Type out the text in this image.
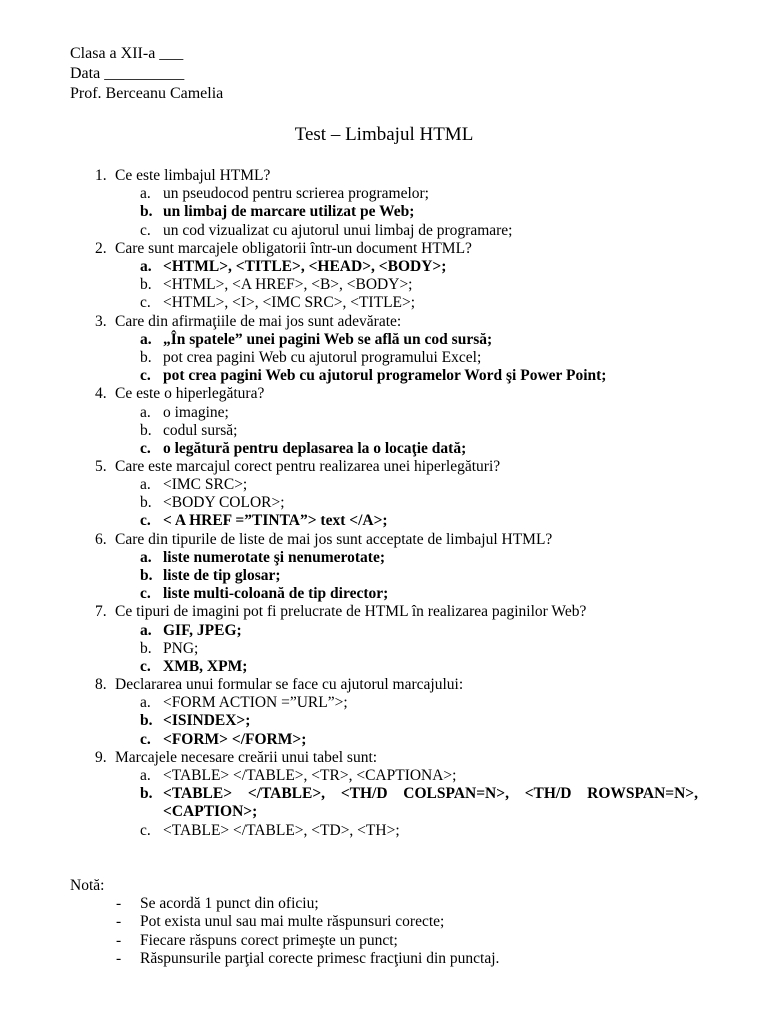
Clasa a XII-a ___
Data __________
Prof. Berceanu Camelia
Test – Limbajul HTML
1. Ce este limbajul HTML?
a. un pseudocod pentru scrierea programelor;
b. un limbaj de marcare utilizat pe Web;
c. un cod vizualizat cu ajutorul unui limbaj de programare;
2. Care sunt marcajele obligatorii într-un document HTML?
a. <HTML>, <TITLE>, <HEAD>, <BODY>;
b. <HTML>, <A HREF>, <B>, <BODY>;
c. <HTML>, <I>, <IMC SRC>, <TITLE>;
3. Care din afirmaţiile de mai jos sunt adevărate:
a. „În spatele” unei pagini Web se află un cod sursă;
b. pot crea pagini Web cu ajutorul programului Excel;
c. pot crea pagini Web cu ajutorul programelor Word şi Power Point;
4. Ce este o hiperlegătura?
a. o imagine;
b. codul sursă;
c. o legătură pentru deplasarea la o locaţie dată;
5. Care este marcajul corect pentru realizarea unei hiperlegături?
a. <IMC SRC>;
b. <BODY COLOR>;
c. < A HREF =”TINTA”> text </A>;
6. Care din tipurile de liste de mai jos sunt acceptate de limbajul HTML?
a. liste numerotate şi nenumerotate;
b. liste de tip glosar;
c. liste multi-coloană de tip director;
7. Ce tipuri de imagini pot fi prelucrate de HTML în realizarea paginilor Web?
a. GIF, JPEG;
b. PNG;
c. XMB, XPM;
8. Declararea unui formular se face cu ajutorul marcajului:
a. <FORM ACTION =”URL”>;
b. <ISINDEX>;
c. <FORM> </FORM>;
9. Marcajele necesare creării unui tabel sunt:
a. <TABLE> </TABLE>, <TR>, <CAPTIONA>;
b. <TABLE> </TABLE>, <TH/D COLSPAN=N>, <TH/D ROWSPAN=N>, <CAPTION>;
c. <TABLE> </TABLE>, <TD>, <TH>;
Notă:
- Se acordă 1 punct din oficiu;
- Pot exista unul sau mai multe răspunsuri corecte;
- Fiecare răspuns corect primeşte un punct;
- Răspunsurile parţial corecte primesc fracţiuni din punctaj.
